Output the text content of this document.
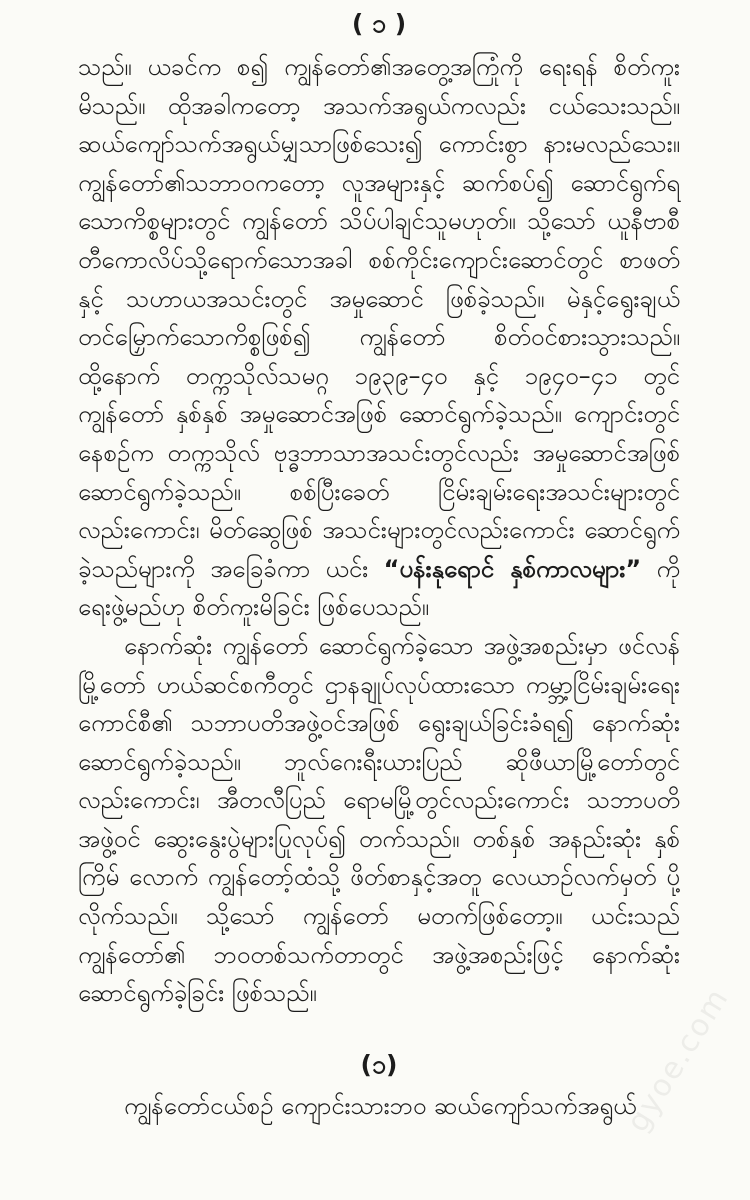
( ၁ )

သည်။ ယခင်က စ၍ ကျွန်တော်၏အတွေ့အကြုံကို ရေးရန် စိတ်ကူးမိသည်။ ထိုအခါကတော့ အသက်အရွယ်ကလည်း ငယ်သေးသည်။ ဆယ်ကျော်သက်အရွယ်မျှသာဖြစ်သေး၍ ကောင်းစွာ နားမလည်သေး။ ကျွန်တော်၏သဘာဝကတော့ လူအများနှင့် ဆက်စပ်၍ ဆောင်ရွက်ရသောကိစ္စများတွင် ကျွန်တော် သိပ်ပါချင်သူမဟုတ်။ သို့သော် ယူနီဗာစီတီကောလိပ်သို့ရောက်သောအခါ စစ်ကိုင်းကျောင်းဆောင်တွင် စာဖတ်နှင့် သဟာယအသင်းတွင် အမှုဆောင် ဖြစ်ခဲ့သည်။ မဲနှင့်ရွေးချယ်တင်မြှောက်သောကိစ္စဖြစ်၍ ကျွန်တော် စိတ်ဝင်စားသွားသည်။ ထို့နောက် တက္ကသိုလ်သမဂ္ဂ ၁၉၃၉–၄၀ နှင့် ၁၉၄၀–၄၁ တွင် ကျွန်တော် နှစ်နှစ် အမှုဆောင်အဖြစ် ဆောင်ရွက်ခဲ့သည်။ ကျောင်းတွင်နေစဉ်က တက္ကသိုလ် ဗုဒ္ဓဘာသာအသင်းတွင်လည်း အမှုဆောင်အဖြစ်ဆောင်ရွက်ခဲ့သည်။ စစ်ပြီးခေတ် ငြိမ်းချမ်းရေးအသင်းများတွင်လည်းကောင်း၊ မိတ်ဆွေဖြစ် အသင်းများတွင်လည်းကောင်း ဆောင်ရွက်ခဲ့သည်များကို အခြေခံကာ ယင်း “ပန်းနုရောင် နှစ်ကာလများ” ကို ရေးဖွဲ့မည်ဟု စိတ်ကူးမိခြင်း ဖြစ်ပေသည်။

နောက်ဆုံး ကျွန်တော် ဆောင်ရွက်ခဲ့သော အဖွဲ့အစည်းမှာ ဖင်လန်မြို့တော် ဟယ်ဆင်စကီတွင် ဌာနချုပ်လုပ်ထားသော ကမ္ဘာ့ငြိမ်းချမ်းရေးကောင်စီ၏ သဘာပတိအဖွဲ့ဝင်အဖြစ် ရွေးချယ်ခြင်းခံရ၍ နောက်ဆုံး ဆောင်ရွက်ခဲ့သည်။ ဘူလ်ဂေးရီးယားပြည် ဆိုဖီယာမြို့တော်တွင်လည်းကောင်း၊ အီတလီပြည် ရောမမြို့တွင်လည်းကောင်း သဘာပတိအဖွဲ့ဝင် ဆွေးနွေးပွဲများပြုလုပ်၍ တက်သည်။ တစ်နှစ် အနည်းဆုံး နှစ်ကြိမ် လောက် ကျွန်တော့်ထံသို့ ဖိတ်စာနှင့်အတူ လေယာဉ်လက်မှတ် ပို့လိုက်သည်။ သို့သော် ကျွန်တော် မတက်ဖြစ်တော့။ ယင်းသည် ကျွန်တော်၏ ဘဝတစ်သက်တာတွင် အဖွဲ့အစည်းဖြင့် နောက်ဆုံး ဆောင်ရွက်ခဲ့ခြင်း ဖြစ်သည်။

(၁)

ကျွန်တော်ငယ်စဉ် ကျောင်းသားဘဝ ဆယ်ကျော်သက်အရွယ်

gyoe.com
